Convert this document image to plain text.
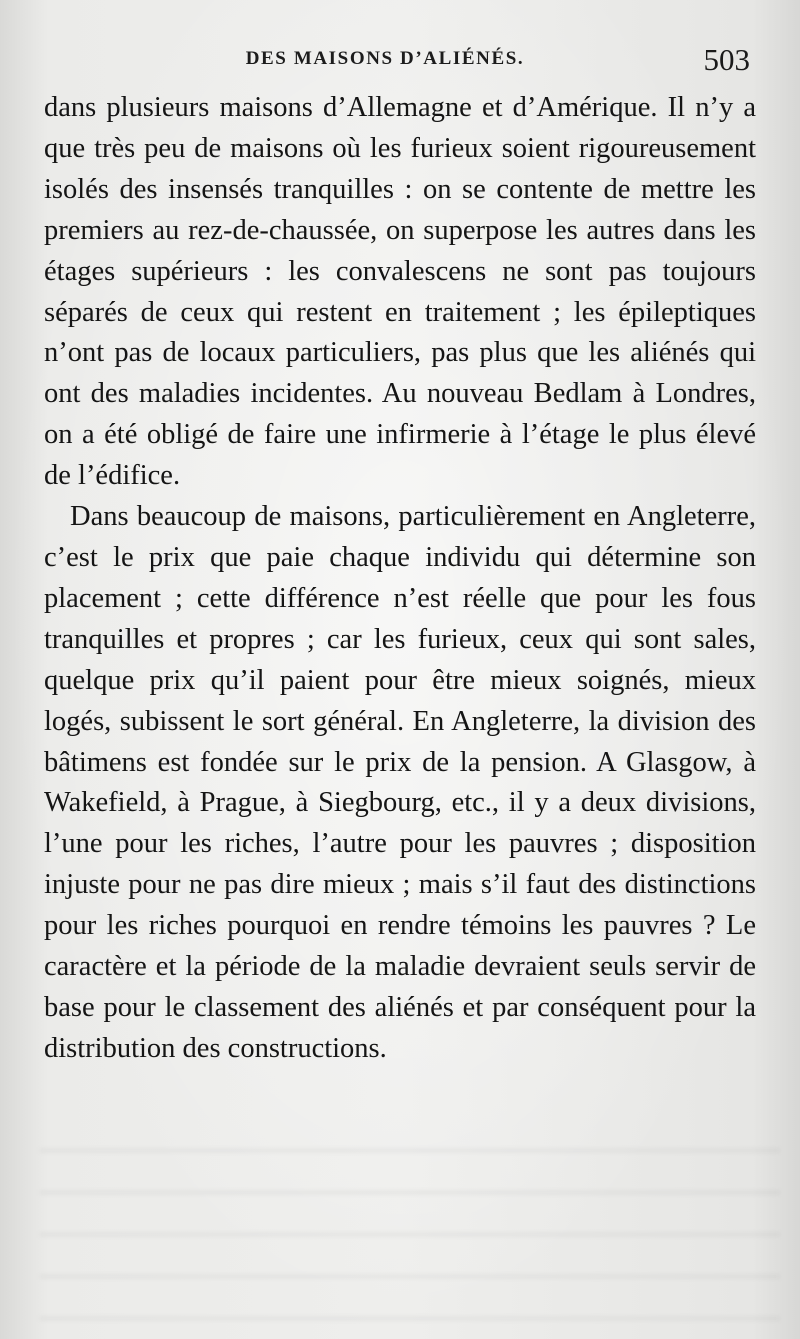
DES MAISONS D’ALIÉNÉS.	503

dans plusieurs maisons d’Allemagne et d’Amérique. Il n’y a que très peu de maisons où les furieux soient rigoureusement isolés des insensés tranquilles : on se contente de mettre les premiers au rez-de-chaussée, on superpose les autres dans les étages supérieurs : les convalescens ne sont pas toujours séparés de ceux qui restent en traitement ; les épileptiques n’ont pas de locaux particuliers, pas plus que les aliénés qui ont des maladies incidentes. Au nouveau Bedlam à Londres, on a été obligé de faire une infirmerie à l’étage le plus élevé de l’édifice.

Dans beaucoup de maisons, particulièrement en Angleterre, c’est le prix que paie chaque individu qui détermine son placement ; cette différence n’est réelle que pour les fous tranquilles et propres ; car les furieux, ceux qui sont sales, quelque prix qu’il paient pour être mieux soignés, mieux logés, subissent le sort général. En Angleterre, la division des bâtimens est fondée sur le prix de la pension. A Glasgow, à Wakefield, à Prague, à Siegbourg, etc., il y a deux divisions, l’une pour les riches, l’autre pour les pauvres ; disposition injuste pour ne pas dire mieux ; mais s’il faut des distinctions pour les riches pourquoi en rendre témoins les pauvres ? Le caractère et la période de la maladie devraient seuls servir de base pour le classement des aliénés et par conséquent pour la distribution des constructions.
